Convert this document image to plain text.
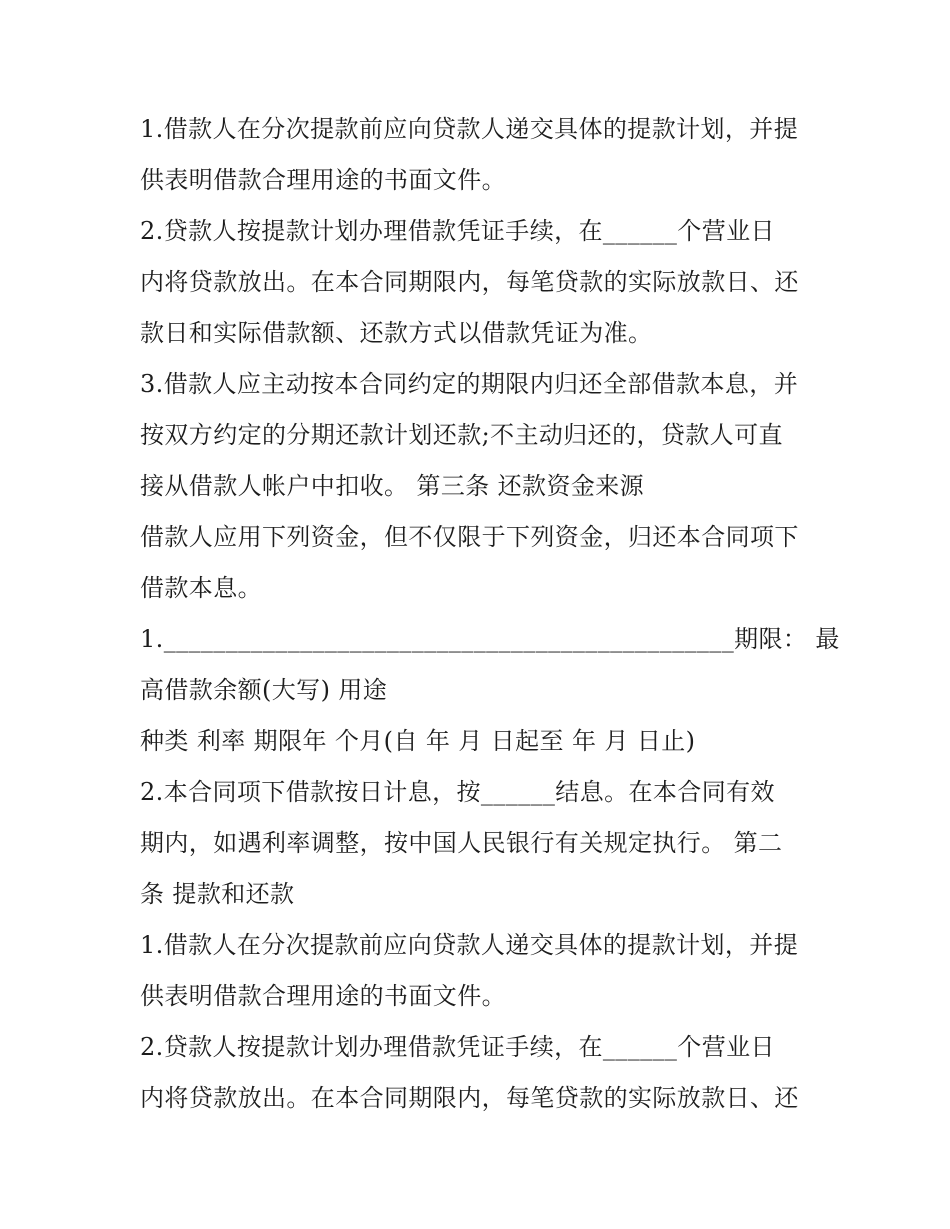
1.借款人在分次提款前应向贷款人递交具体的提款计划，并提
供表明借款合理用途的书面文件。
2.贷款人按提款计划办理借款凭证手续，在______个营业日
内将贷款放出。在本合同期限内，每笔贷款的实际放款日、还
款日和实际借款额、还款方式以借款凭证为准。
3.借款人应主动按本合同约定的期限内归还全部借款本息，并
按双方约定的分期还款计划还款;不主动归还的，贷款人可直
接从借款人帐户中扣收。 第三条 还款资金来源
借款人应用下列资金，但不仅限于下列资金，归还本合同项下
借款本息。
1.______________________________________________期限： 最
高借款余额(大写) 用途
种类 利率 期限年 个月(自 年 月 日起至 年 月 日止)
2.本合同项下借款按日计息，按______结息。在本合同有效
期内，如遇利率调整，按中国人民银行有关规定执行。 第二
条 提款和还款
1.借款人在分次提款前应向贷款人递交具体的提款计划，并提
供表明借款合理用途的书面文件。
2.贷款人按提款计划办理借款凭证手续，在______个营业日
内将贷款放出。在本合同期限内，每笔贷款的实际放款日、还
